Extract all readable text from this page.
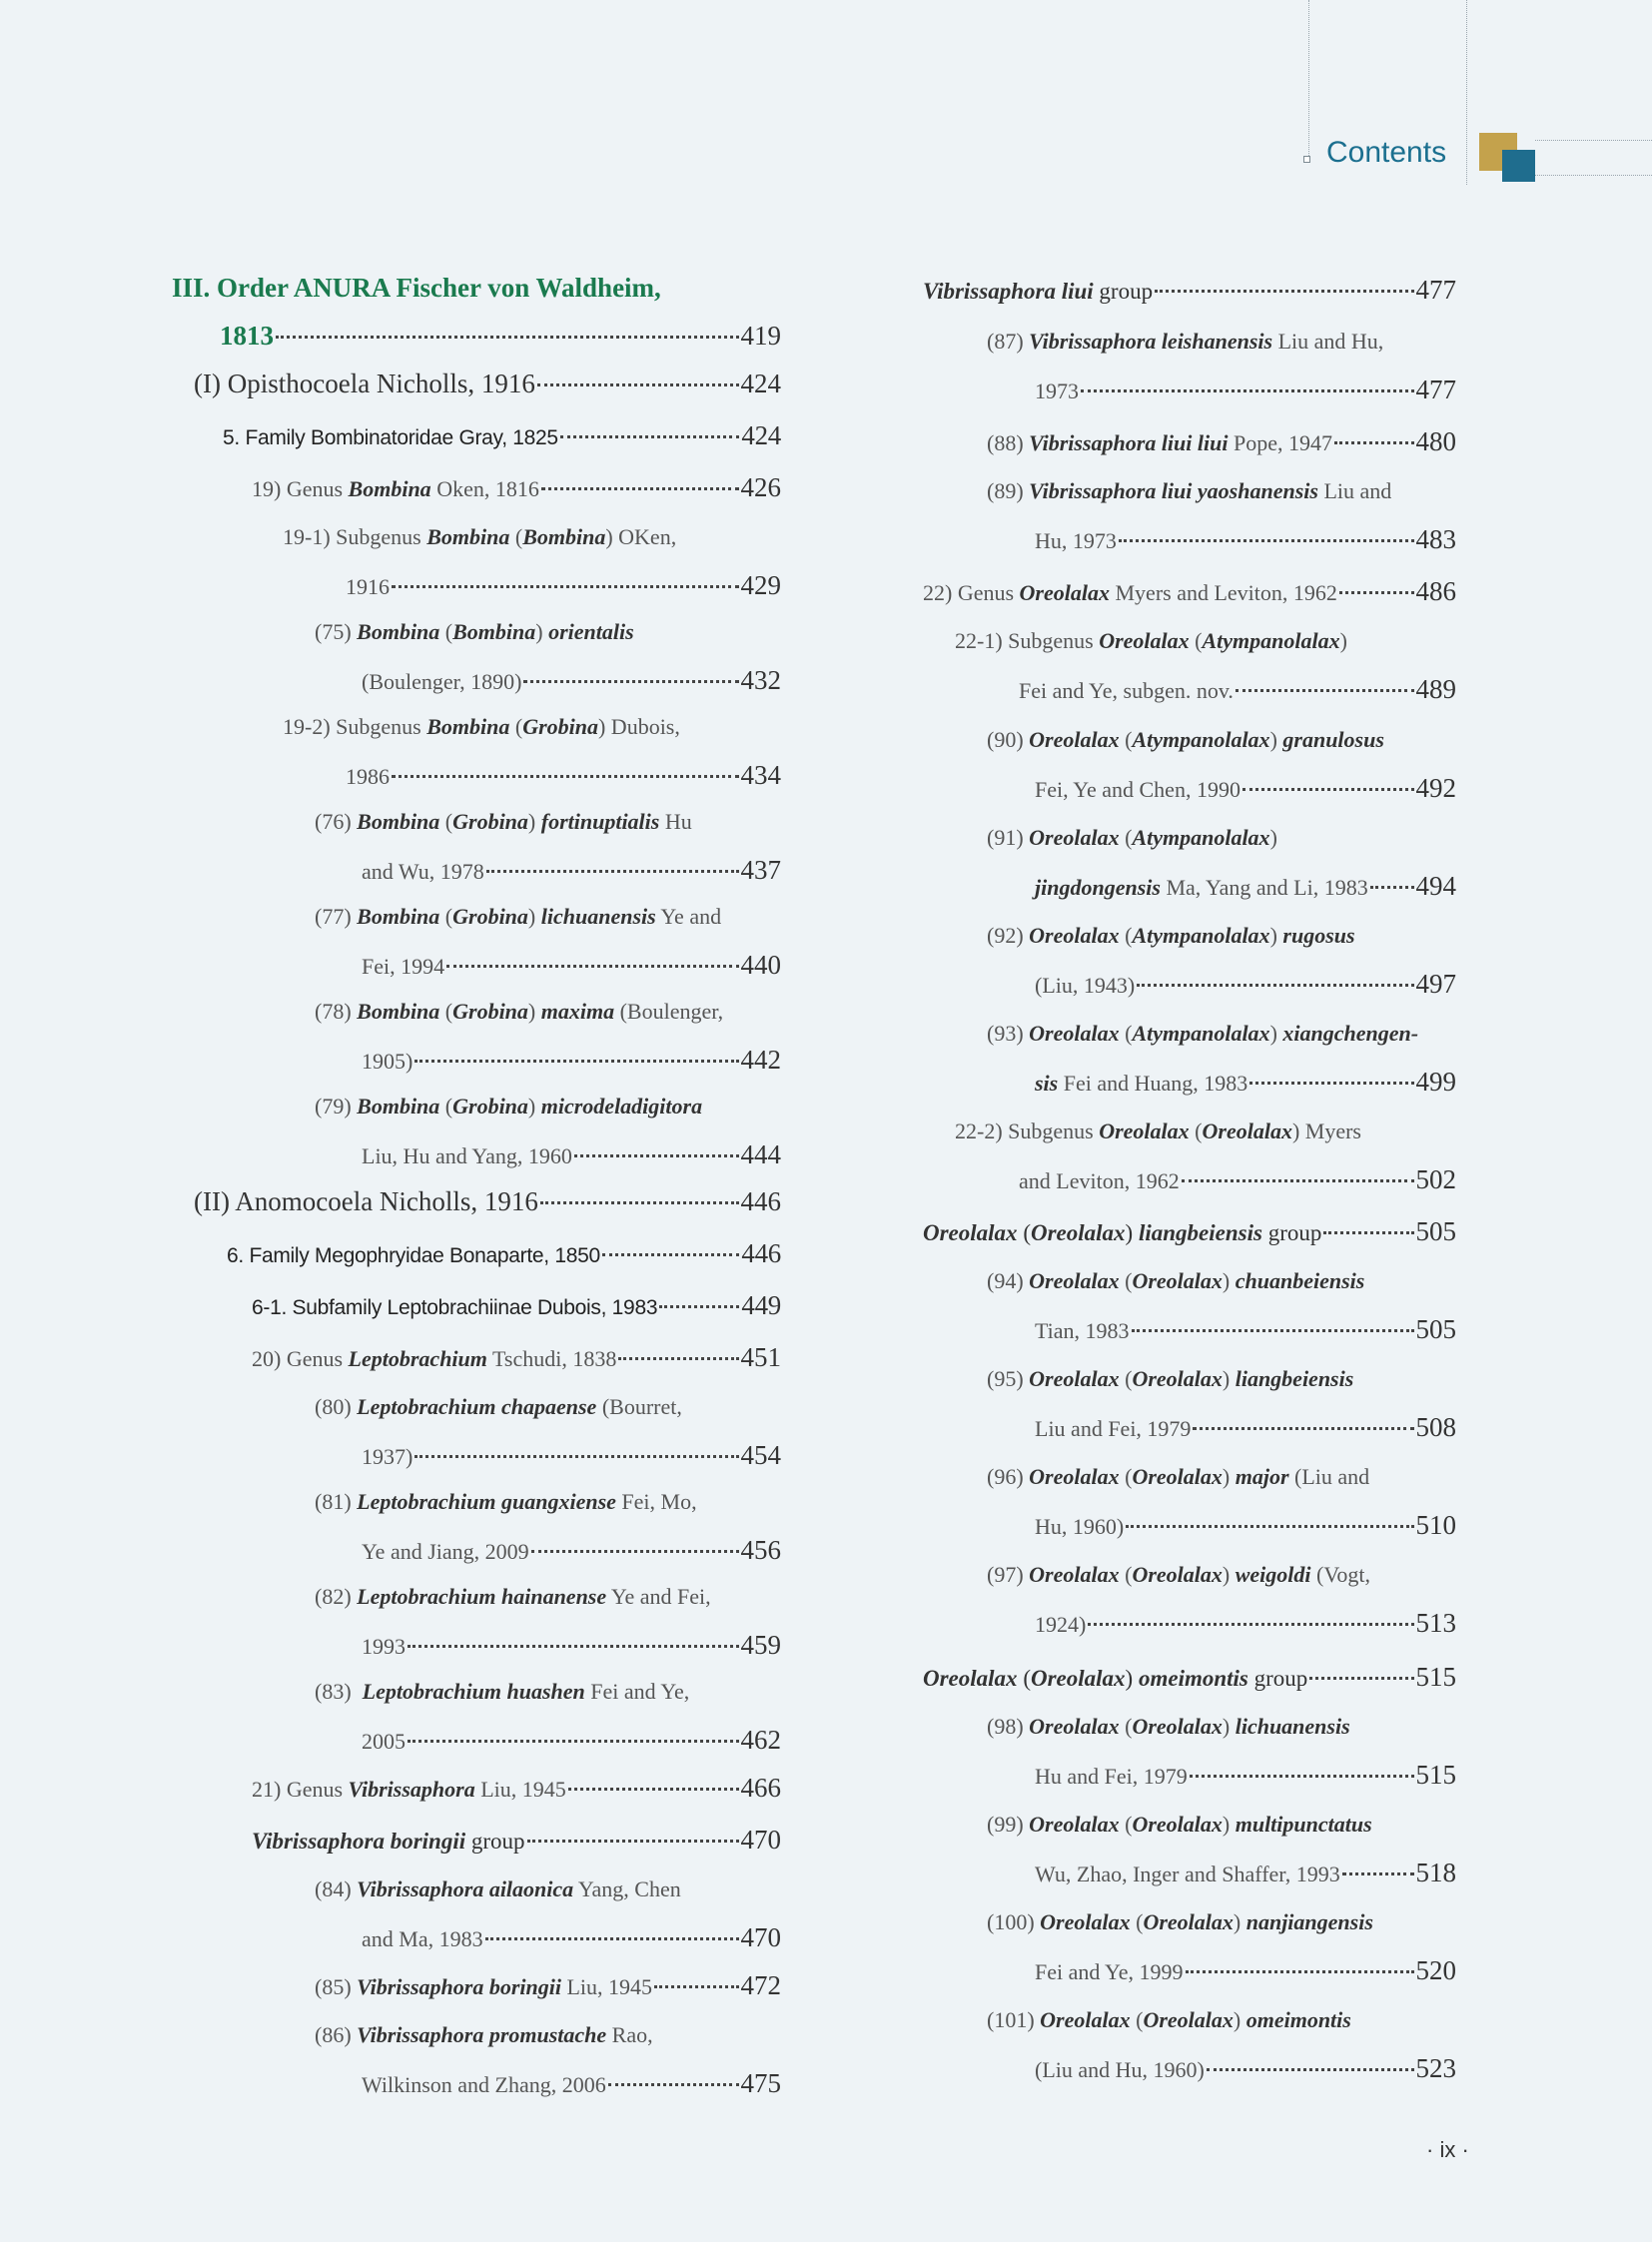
Contents
III. Order ANURA Fischer von Waldheim,
1813	419
(I) Opisthocoela Nicholls, 1916	424
5. Family Bombinatoridae Gray, 1825	424
19) Genus Bombina Oken, 1816	426
19-1) Subgenus Bombina (Bombina) OKen,
1916	429
(75) Bombina (Bombina) orientalis
(Boulenger, 1890)	432
19-2) Subgenus Bombina (Grobina) Dubois,
1986	434
(76) Bombina (Grobina) fortinuptialis Hu
and Wu, 1978	437
(77) Bombina (Grobina) lichuanensis Ye and
Fei, 1994	440
(78) Bombina (Grobina) maxima (Boulenger,
1905)	442
(79) Bombina (Grobina) microdeladigitora
Liu, Hu and Yang, 1960	444
(II) Anomocoela Nicholls, 1916	446
6. Family Megophryidae Bonaparte, 1850	446
6-1. Subfamily Leptobrachiinae Dubois, 1983	449
20) Genus Leptobrachium Tschudi, 1838	451
(80) Leptobrachium chapaense (Bourret,
1937)	454
(81) Leptobrachium guangxiense Fei, Mo,
Ye and Jiang, 2009	456
(82) Leptobrachium hainanense Ye and Fei,
1993	459
(83)  Leptobrachium huashen Fei and Ye,
2005	462
21) Genus Vibrissaphora Liu, 1945	466
Vibrissaphora boringii group	470
(84) Vibrissaphora ailaonica Yang, Chen
and Ma, 1983	470
(85) Vibrissaphora boringii Liu, 1945	472
(86) Vibrissaphora promustache Rao,
Wilkinson and Zhang, 2006	475
Vibrissaphora liui group	477
(87) Vibrissaphora leishanensis Liu and Hu,
1973	477
(88) Vibrissaphora liui liui Pope, 1947	480
(89) Vibrissaphora liui yaoshanensis Liu and
Hu, 1973	483
22) Genus Oreolalax Myers and Leviton, 1962	486
22-1) Subgenus Oreolalax (Atympanolalax)
Fei and Ye, subgen. nov.	489
(90) Oreolalax (Atympanolalax) granulosus
Fei, Ye and Chen, 1990	492
(91) Oreolalax (Atympanolalax)
jingdongensis Ma, Yang and Li, 1983 494
(92) Oreolalax (Atympanolalax) rugosus
(Liu, 1943)	497
(93) Oreolalax (Atympanolalax) xiangchengen-
sis Fei and Huang, 1983	499
22-2) Subgenus Oreolalax (Oreolalax) Myers
and Leviton, 1962	502
Oreolalax (Oreolalax) liangbeiensis group	505
(94) Oreolalax (Oreolalax) chuanbeiensis
Tian, 1983	505
(95) Oreolalax (Oreolalax) liangbeiensis
Liu and Fei, 1979	508
(96) Oreolalax (Oreolalax) major (Liu and
Hu, 1960)	510
(97) Oreolalax (Oreolalax) weigoldi (Vogt,
1924)	513
Oreolalax (Oreolalax) omeimontis group	515
(98) Oreolalax (Oreolalax) lichuanensis
Hu and Fei, 1979	515
(99) Oreolalax (Oreolalax) multipunctatus
Wu, Zhao, Inger and Shaffer, 1993	518
(100) Oreolalax (Oreolalax) nanjiangensis
Fei and Ye, 1999	520
(101) Oreolalax (Oreolalax) omeimontis
(Liu and Hu, 1960)	523
· ix ·
